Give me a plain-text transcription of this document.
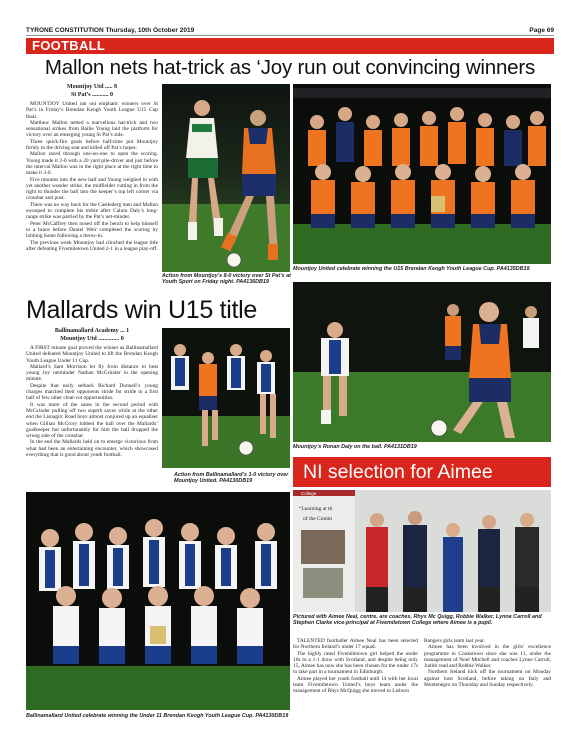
TYRONE CONSTITUTION Thursday, 10th October 2019	Page 69
FOOTBALL
Mallon nets hat-trick as ‘Joy run out convincing winners
Mountjoy Utd ..... 8
St Pat’s ........... 0

MOUNTJOY United ran out emphatic winners over St Pat’s in Friday’s Brendan Keogh Youth League U15 Cup final.

Matthew Mallon netted a marvellous hat-trick and two sensational strikes from Bailie Young laid the platform for victory over an emerging young St Pat’s side.

Three quick-fire goals before half-time put Mountjoy firmly in the driving seat and killed off Pat’s hopes.

Mallon raced through one-on-one to open the scoring. Young made it 2-0 with a 20 yard pile-driver and just before the interval Mallon was in the right place at the right time to make it 3-0.

Five minutes into the new half and Young weighed in with yet another wonder strike, the midfielder cutting in from the right to thunder the ball into the keeper’s top left corner via crossbar and post.

There was no way back for the Castlederg men and Mallon swooped to complete his treble after Calum Daly’s long-range strike was parried by the Pat’s net-minder.

Peter McCaffrey then nosed off the bench to help himself to a brace before Daniel Weir completed the scoring by lobbing home following a throw-in.

The previous week Mountjoy had clinched the league title after defeating Fivemiletown United 2-1 in a league play-off.

Action from Mountjoy’s 8-0 victory over St Pat’s at Youth Sport on Friday night. PA4136DB19
Mountjoy United celebrate winning the U15 Brendan Keogh Youth League Cup. PA4135DB19
Mallards win U15 title
Ballinamallard Academy ... 1
Mountjoy Utd .............. 0

A FIRST minute goal proved the winner as Ballinamallard United defeated Mountjoy United to lift the Brendan Keogh Youth League Under 11 Cup.

Mallard’s Sam Morrison let fly from distance to beat young Joy netminder Nathan McGrinder in the opening minute.

Despite that early setback Richard Donnell’s young charges matched their opponents stride for stride in a first half of few other clear-cut opportunities.

It was more of the same in the second period with McGrinder pulling off two superb saves while at the other end the Lisnagirr Road boys almost conjured up an equaliser when Gillian McCrory lobbed the ball over the Mallards’ goalkeeper but unfortunately for him the ball dropped the wrong side of the crossbar.

In the end the Mallards held on to emerge victorious from what had been an entertaining encounter, which showcased everything that is good about youth football.

Action from Ballinamallard’s 1-0 victory over Mountjoy United. PA4130DB19
Mountjoy’s Ronan Daly on the ball. PA4131DB19
NI selection for Aimee
Ballinamallard United celebrate winning the Under 11 Brendan Keogh Youth League Cup. PA4130DB19
College
“Learning at th
of the Comm
Pictured with Aimee Neal, centre, are coaches, Rhys Mc Quigg, Robbie Walker, Lynne Carroll and Stephen Clarke vice-principal at Fivemiletown College where Aimee is a pupil.

TALENTED footballer Aimee Neal has been selected for Northern Ireland’s under 17 squad.

The highly rated Fivemiletown girl helped the under 16s to a 1-1 draw with Scotland, and despite being only 15, Aimee has now she has been chosen for the under 17s to take part in a tournament in Edinburgh.

Aimee played her youth football until 14 with her local team Fivemiletown United’s boys team under the management of Rhys McQuigg she moved to Lisburn

Rangers girls team last year.

Aimee has been involved in the girls’ excellence programme in Cookstown since she was 11, under the management of Noel Mitchell and coaches Lynne Carroll, Judith read and Robbie Walker.

Northern Ireland kick off the tournament on Monday against host Scotland, before taking on Italy and Montenegro on Thursday and Sunday respectively.
